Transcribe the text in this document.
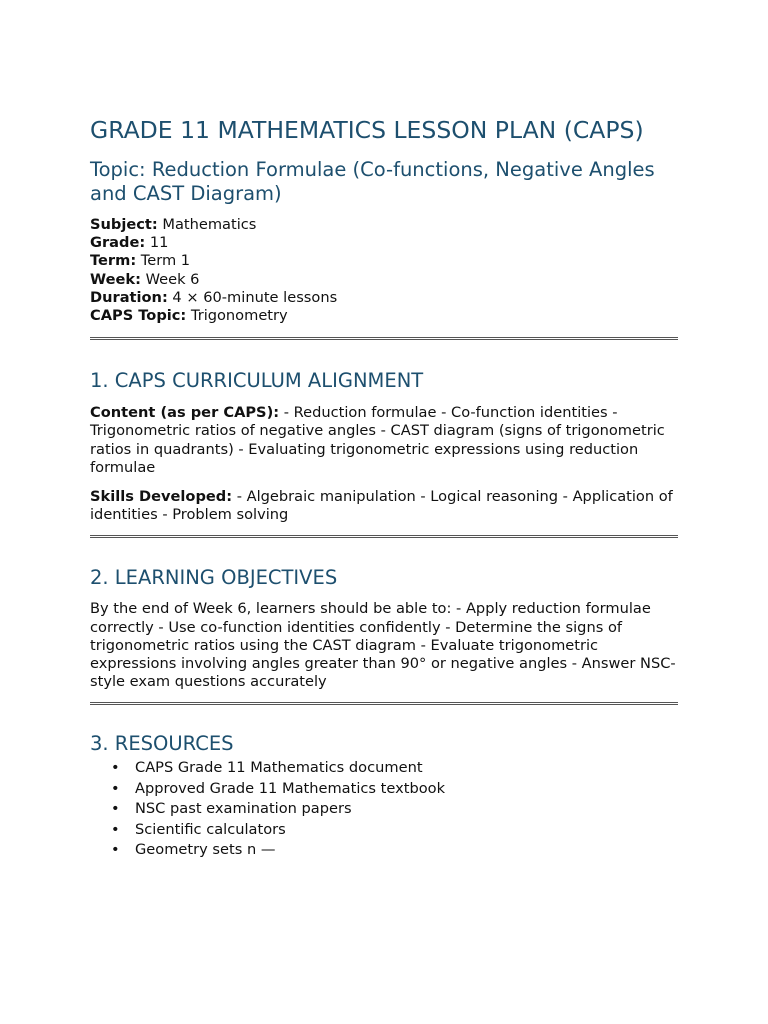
GRADE 11 MATHEMATICS LESSON PLAN (CAPS)
Topic: Reduction Formulae (Co-functions, Negative Angles and CAST Diagram)
Subject: Mathematics
Grade: 11
Term: Term 1
Week: Week 6
Duration: 4 × 60-minute lessons
CAPS Topic: Trigonometry
1. CAPS CURRICULUM ALIGNMENT

Content (as per CAPS): - Reduction formulae - Co-function identities - Trigonometric ratios of negative angles - CAST diagram (signs of trigonometric ratios in quadrants) - Evaluating trigonometric expressions using reduction formulae

Skills Developed: - Algebraic manipulation - Logical reasoning - Application of identities - Problem solving

2. LEARNING OBJECTIVES

By the end of Week 6, learners should be able to: - Apply reduction formulae correctly - Use co-function identities confidently - Determine the signs of trigonometric ratios using the CAST diagram - Evaluate trigonometric expressions involving angles greater than 90° or negative angles - Answer NSC-style exam questions accurately

3. RESOURCES
• CAPS Grade 11 Mathematics document
• Approved Grade 11 Mathematics textbook
• NSC past examination papers
• Scientific calculators
• Geometry sets n —
